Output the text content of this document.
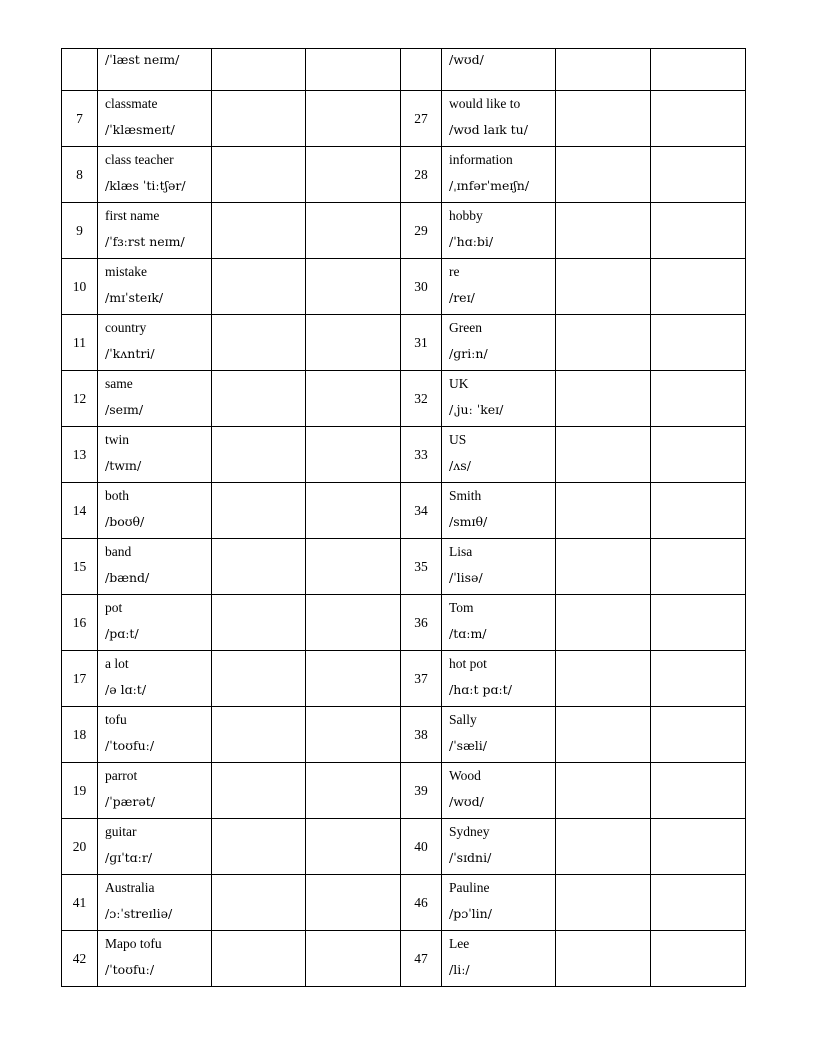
	/ˈlæst neɪm/				/wʊd/		

7	classmate
/ˈklæsmeɪt/			27	would like to
/wʊd laɪk tu/		

8	class teacher
/klæs ˈtiːtʃər/			28	information
/ˌɪnfərˈmeɪʃn/		

9	first name
/ˈfɜːrst neɪm/			29	hobby
/ˈhɑːbi/		

10	mistake
/mɪˈsteɪk/			30	re
/reɪ/		

11	country
/ˈkʌntri/			31	Green
/ɡriːn/		

12	same
/seɪm/			32	UK
/ˌjuː ˈkeɪ/		

13	twin
/twɪn/			33	US
/ʌs/		

14	both
/boʊθ/			34	Smith
/smɪθ/		

15	band
/bænd/			35	Lisa
/ˈlisə/		

16	pot
/pɑːt/			36	Tom
/tɑːm/		

17	a lot
/ə lɑːt/			37	hot pot
/hɑːt pɑːt/		

18	tofu
/ˈtoʊfuː/			38	Sally
/ˈsæli/		

19	parrot
/ˈpærət/			39	Wood
/wʊd/		

20	guitar
/ɡɪˈtɑːr/			40	Sydney
/ˈsɪdni/		

41	Australia
/ɔːˈstreɪliə/			46	Pauline
/pɔˈlin/		

42	Mapo tofu
/ˈtoʊfuː/			47	Lee
/liː/		
